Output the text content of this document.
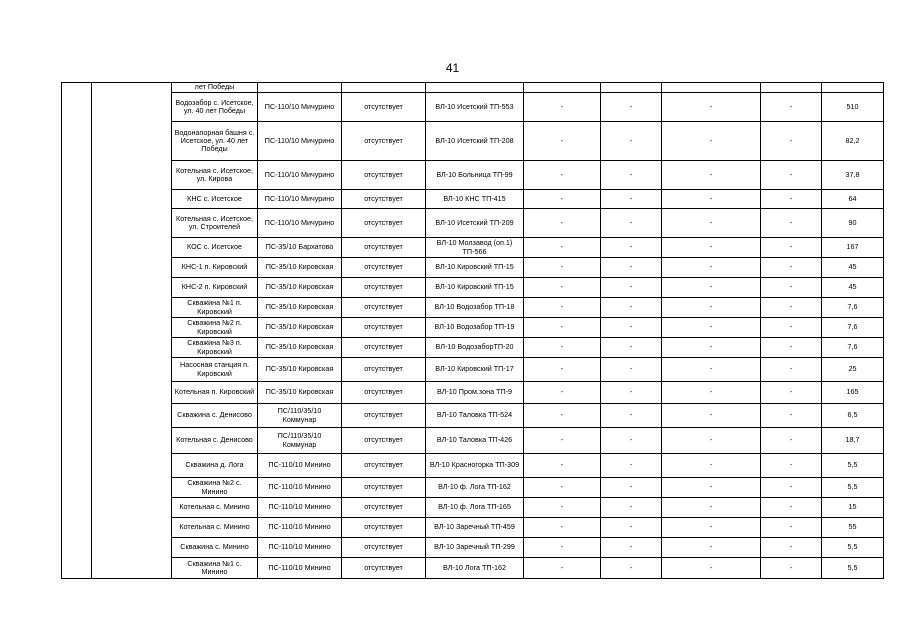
41
		лет Победы								
		Водозабор с. Исетское, ул. 40 лет Победы	ПС-110/10 Мичурино	отсутствует	ВЛ-10 Исетский ТП-553	-	-	-	-	510
		Водонапорная башня с. Исетское, ул. 40 лет Победы	ПС-110/10 Мичурино	отсутствует	ВЛ-10 Исетский ТП-208	-	-	-	-	82,2
		Котельная с. Исетское, ул. Кирова	ПС-110/10 Мичурино	отсутствует	ВЛ-10 Больница ТП-99	-	-	-	-	37,8
		КНС с. Исетское	ПС-110/10 Мичурино	отсутствует	ВЛ-10 КНС ТП-415	-	-	-	-	64
		Котельная с. Исетское, ул. Строителей	ПС-110/10 Мичурино	отсутствует	ВЛ-10 Исетский ТП-209	-	-	-	-	90
		КОС с. Исетское	ПС-35/10 Бархатово	отсутствует	ВЛ-10 Молзавод (оп.1) ТП-566	-	-	-	-	167
		КНС-1 п. Кировский	ПС-35/10 Кировская	отсутствует	ВЛ-10 Кировский ТП-15	-	-	-	-	45
		КНС-2 п. Кировский	ПС-35/10 Кировская	отсутствует	ВЛ-10 Кировский ТП-15	-	-	-	-	45
		Скважина №1 п. Кировский	ПС-35/10 Кировская	отсутствует	ВЛ-10 Водозабор ТП-18	-	-	-	-	7,6
		Скважина №2 п. Кировский	ПС-35/10 Кировская	отсутствует	ВЛ-10 Водозабор ТП-19	-	-	-	-	7,6
		Скважина №3 п. Кировский	ПС-35/10 Кировская	отсутствует	ВЛ-10 ВодозаборТП-20	-	-	-	-	7,6
		Насосная станция п. Кировский	ПС-35/10 Кировская	отсутствует	ВЛ-10 Кировский ТП-17	-	-	-	-	25
		Котельная п. Кировский	ПС-35/10 Кировская	отсутствует	ВЛ-10 Пром.зона ТП-9	-	-	-	-	165
		Скважина с. Денисово	ПС/110/35/10 Коммунар	отсутствует	ВЛ-10 Таловка ТП-524	-	-	-	-	6,5
		Котельная с. Денисово	ПС/110/35/10 Коммунар	отсутствует	ВЛ-10 Таловка ТП-426	-	-	-	-	18,7
		Скважина д. Лога	ПС-110/10 Минино	отсутствует	ВЛ-10 Красногорка ТП-309	-	-	-	-	5,5
		Скважина №2 с. Минино	ПС-110/10 Минино	отсутствует	ВЛ-10 ф. Лога ТП-162	-	-	-	-	5,5
		Котельная с. Минино	ПС-110/10 Минино	отсутствует	ВЛ-10 ф. Лога ТП-165	-	-	-	-	15
		Котельная с. Минино	ПС-110/10 Минино	отсутствует	ВЛ-10 Заречный ТП-459	-	-	-	-	55
		Скважина с. Минино	ПС-110/10 Минино	отсутствует	ВЛ-10 Заречный ТП-299	-	-	-	-	5,5
		Скважина №1 с. Минино	ПС-110/10 Минино	отсутствует	ВЛ-10 Лога ТП-162	-	-	-	-	5,5
